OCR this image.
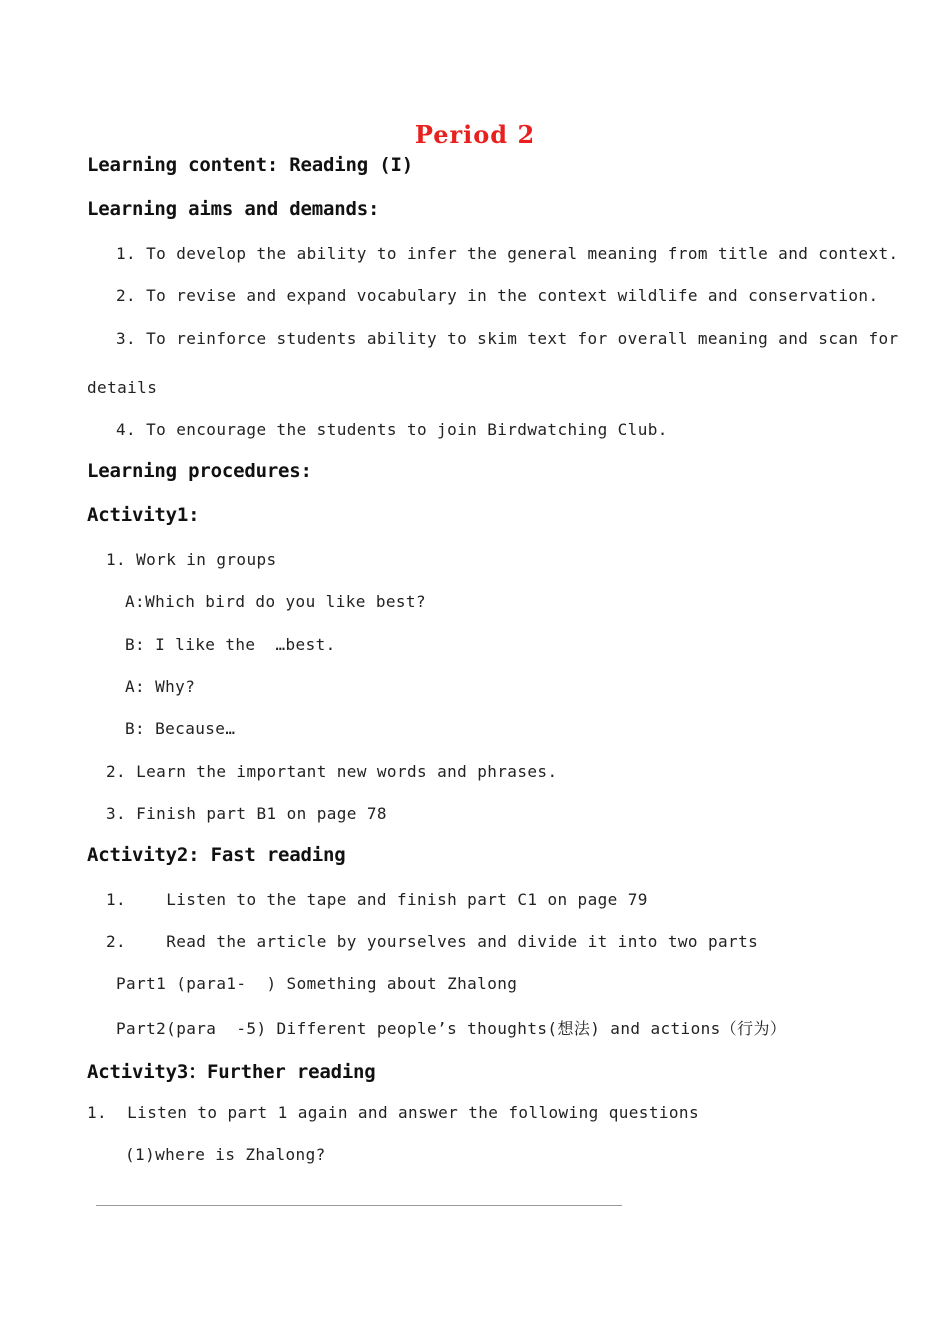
Period 2
Learning content: Reading (I)
Learning aims and demands:
1. To develop the ability to infer the general meaning from title and context.
2. To revise and expand vocabulary in the context wildlife and conservation.
3. To reinforce students ability to skim text for overall meaning and scan for
details
4. To encourage the students to join Birdwatching Club.
Learning procedures:
Activity1:
1. Work in groups
A:Which bird do you like best?
B: I like the  …best.
A: Why?
B: Because…
2. Learn the important new words and phrases.
3. Finish part B1 on page 78
Activity2: Fast reading
1.    Listen to the tape and finish part C1 on page 79
2.    Read the article by yourselves and divide it into two parts
Part1 (para1-  ) Something about Zhalong
Part2(para  -5) Different people’s thoughts(想法) and actions（行为）
Activity3：Further reading
1.  Listen to part 1 again and answer the following questions
(1)where is Zhalong?
